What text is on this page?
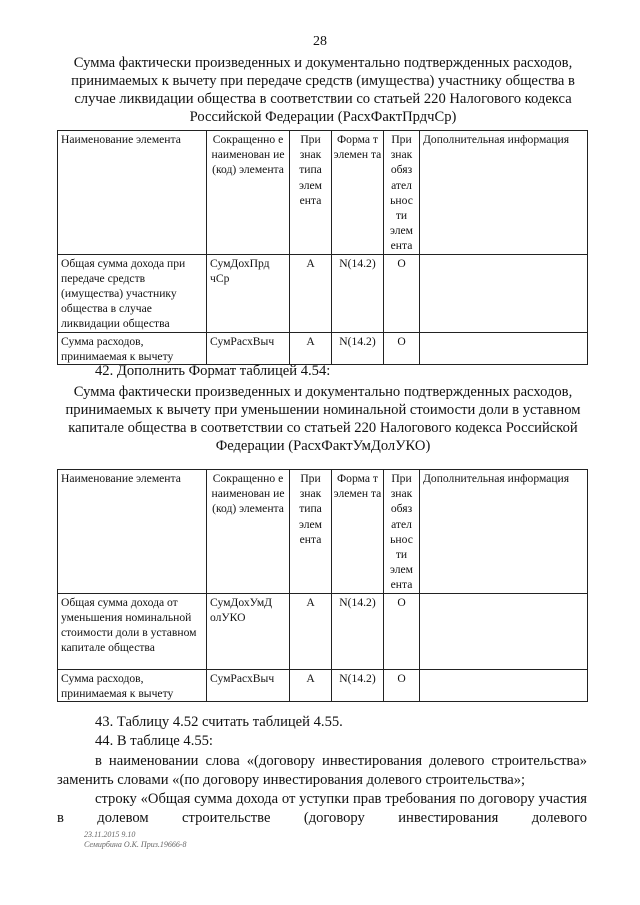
28
Сумма фактически произведенных и документально подтвержденных расходов, принимаемых к вычету при передаче средств (имущества) участнику общества в случае ликвидации общества в соответствии со статьей 220 Налогового кодекса Российской Федерации (РасхФактПрдчСр)
Наименование элемента	Сокращенно е наименован ие (код) элемента	При знак типа элем ента	Форма т элемен та	При знак обяз ател ьнос ти элем ента	Дополнительная информация
Общая сумма дохода при передаче средств (имущества) участнику общества в случае ликвидации общества	СумДохПрд чСр	А	N(14.2)	О	
Сумма расходов, принимаемая к вычету	СумРасхВыч	А	N(14.2)	О	
42. Дополнить Формат таблицей 4.54:
Сумма фактически произведенных и документально подтвержденных расходов, принимаемых к вычету при уменьшении номинальной стоимости доли в уставном капитале общества в соответствии со статьей 220 Налогового кодекса Российской Федерации (РасхФактУмДолУКО)
Наименование элемента	Сокращенно е наименован ие (код) элемента	При знак типа элем ента	Форма т элемен та	При знак обяз ател ьнос ти элем ента	Дополнительная информация
Общая сумма дохода от уменьшения номинальной стоимости доли в уставном капитале общества	СумДохУмД олУКО	А	N(14.2)	О	
Сумма расходов, принимаемая к вычету	СумРасхВыч	А	N(14.2)	О	
43. Таблицу 4.52 считать таблицей 4.55.
44. В таблице 4.55:
в наименовании слова «(договору инвестирования долевого строительства» заменить словами «(по договору инвестирования долевого строительства»;
строку «Общая сумма дохода от уступки прав требования по договору участия в долевом строительстве (договору инвестирования долевого
23.11.2015 9.10
Семирбина О.К. Приз.19666-8
